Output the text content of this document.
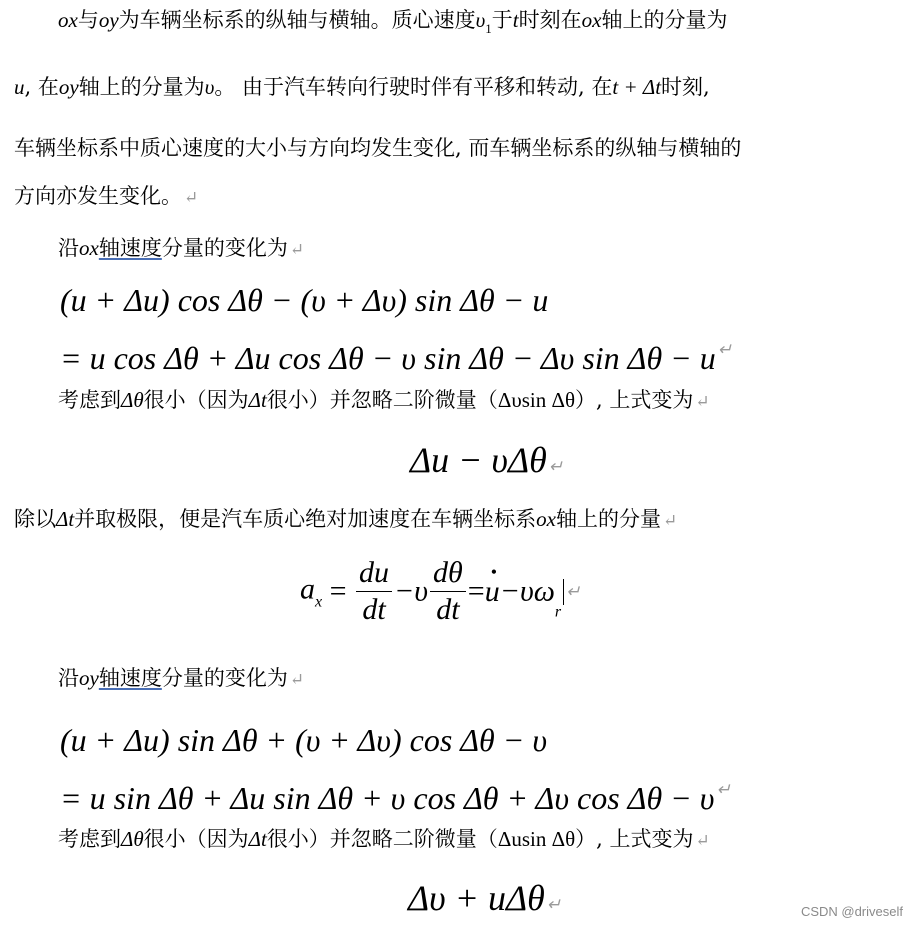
ox与oy为车辆坐标系的纵轴与横轴。质心速度$\upsilon_1$于t时刻在ox轴上的分量为
u, 在oy轴上的分量为υ。 由于汽车转向行驶时伴有平移和转动, 在t + Δt时刻,
车辆坐标系中质心速度的大小与方向均发生变化, 而车辆坐标系的纵轴与横轴的
方向亦发生变化。 ↵
沿ox轴速度分量的变化为 ↵
(u + Δu) cos Δθ − (υ + Δυ) sin Δθ − u
= u cos Δθ + Δu cos Δθ − υ sin Δθ − Δυ sin Δθ − u ↵
考虑到Δθ很小（因为Δt很小）并忽略二阶微量（Δυsin Δθ）, 上式变为 ↵
Δu − υΔθ ↵
除以Δt并取极限，便是汽车质心绝对加速度在车辆坐标系ox轴上的分量 ↵
$a_x = \frac{du}{dt} -\upsilon \frac{d\theta}{dt}$ =• $u-\upsilon\omega_r↵$
沿oy轴速度分量的变化为 ↵
(u + Δu) sin Δθ + (υ + Δυ) cos Δθ − υ
= u sin Δθ + Δu sin Δθ + υ cos Δθ + Δυ cos Δθ − υ ↵
考虑到Δθ很小（因为Δt很小）并忽略二阶微量（Δusin Δθ）, 上式变为 ↵
Δυ + uΔθ ↵	CSDN @driveself
